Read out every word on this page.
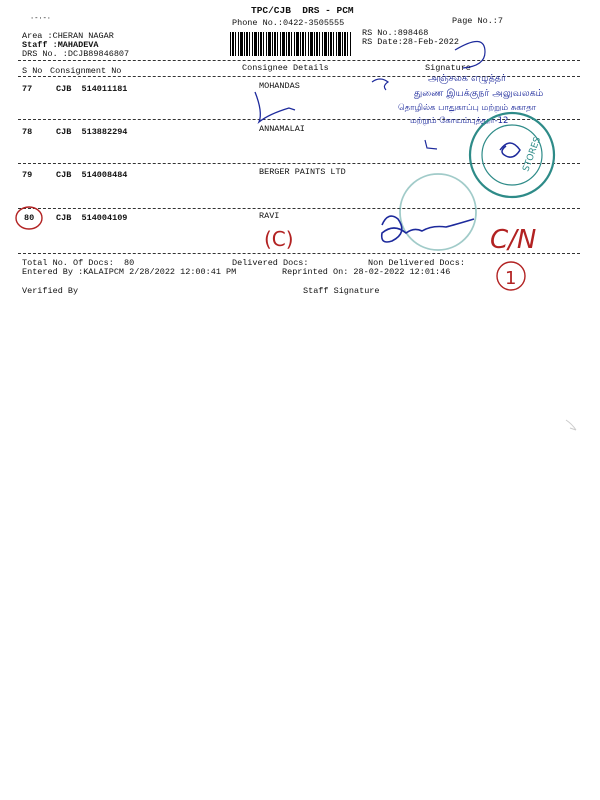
·-·-·
TPC/CJB  DRS - PCM
Phone No.:0422-3505555	Page No.:7
Area :CHERAN NAGAR
Staff :MAHADEVA
DRS No. :DCJB89846807
RS No.:898468
RS Date:28-Feb-2022
S No Consignment No	Consignee Details	Signature
77	CJB  514011181	MOHANDAS
78	CJB  513882294	ANNAMALAI
79	CJB  514008484	BERGER PAINTS LTD
80	CJB  514004109	RAVI
Total No. Of Docs:  80	Delivered Docs:	Non Delivered Docs:
Entered By :KALAIPCM 2/28/2022 12:00:41 PM	Reprinted On: 28-02-2022 12:01:46
Verified By	Staff Signature
அஞ்சலக எழுத்தர்
துணை இயக்குநர் அலுவலகம்
தொழில்க பாதுகாப்பு மற்றும் சுகாதா
மற்றும் கோயம்புத்தூர்-12
STORES
(C)	C/N
1
